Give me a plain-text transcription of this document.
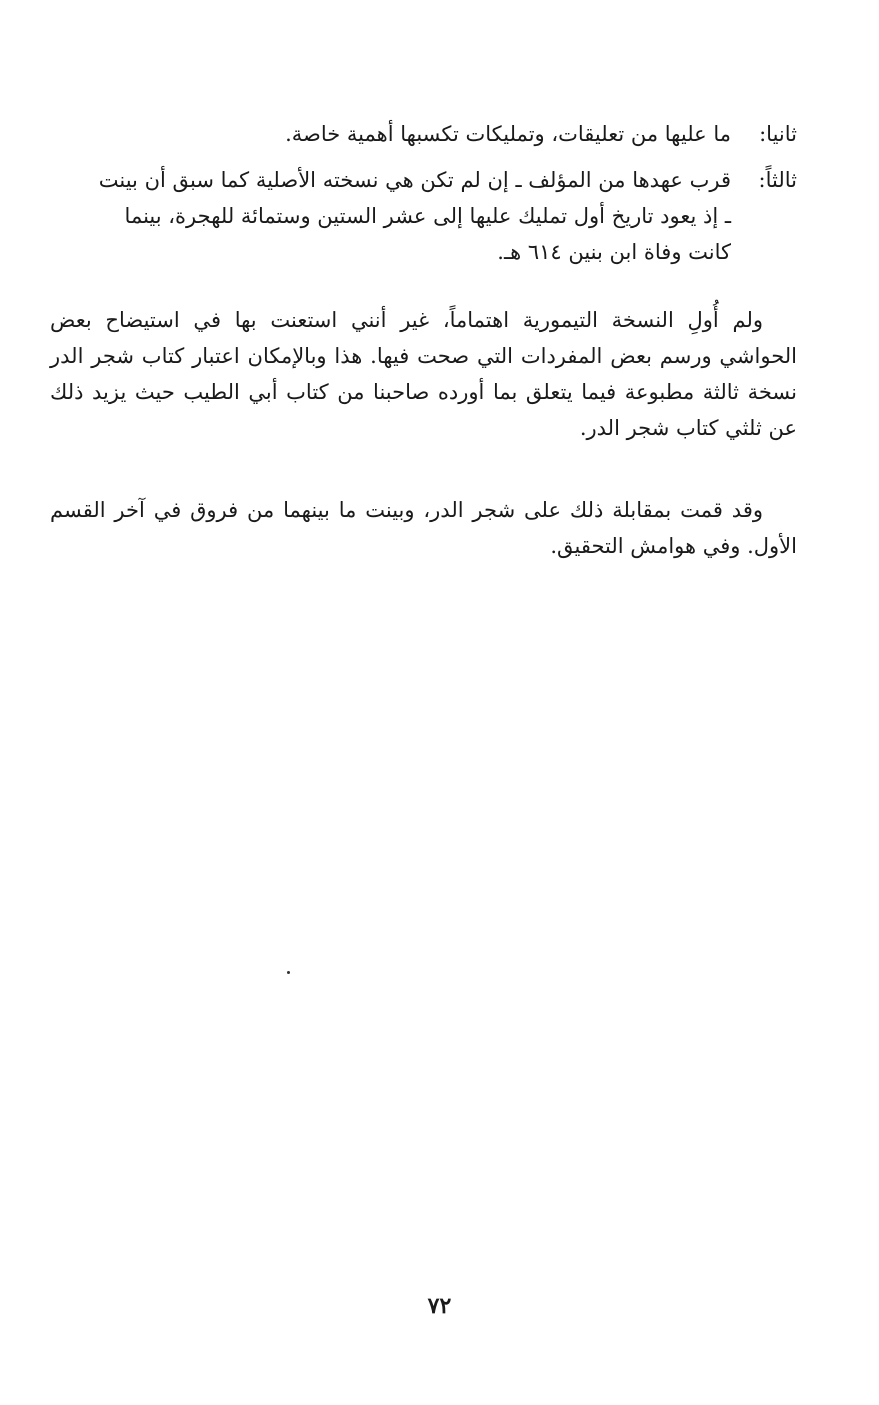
ثانيا:
ما عليها من تعليقات، وتمليكات تكسبها أهمية خاصة.
ثالثاً:
قرب عهدها من المؤلف ـ إن لم تكن هي نسخته الأصلية كما سبق أن بينت
ـ إذ يعود تاريخ أول تمليك عليها إلى عشر الستين وستمائة للهجرة، بينما
كانت وفاة ابن بنين ٦١٤ هـ.

ولم أُولِ النسخة التيمورية اهتماماً، غير أنني استعنت بها في استيضاح بعض الحواشي ورسم بعض المفردات التي صحت فيها. هذا وبالإمكان اعتبار كتاب شجر الدر نسخة ثالثة مطبوعة فيما يتعلق بما أورده صاحبنا من كتاب أبي الطيب حيث يزيد ذلك عن ثلثي كتاب شجر الدر.

وقد قمت بمقابلة ذلك على شجر الدر، وبينت ما بينهما من فروق في آخر القسم الأول. وفي هوامش التحقيق.

٧٢
